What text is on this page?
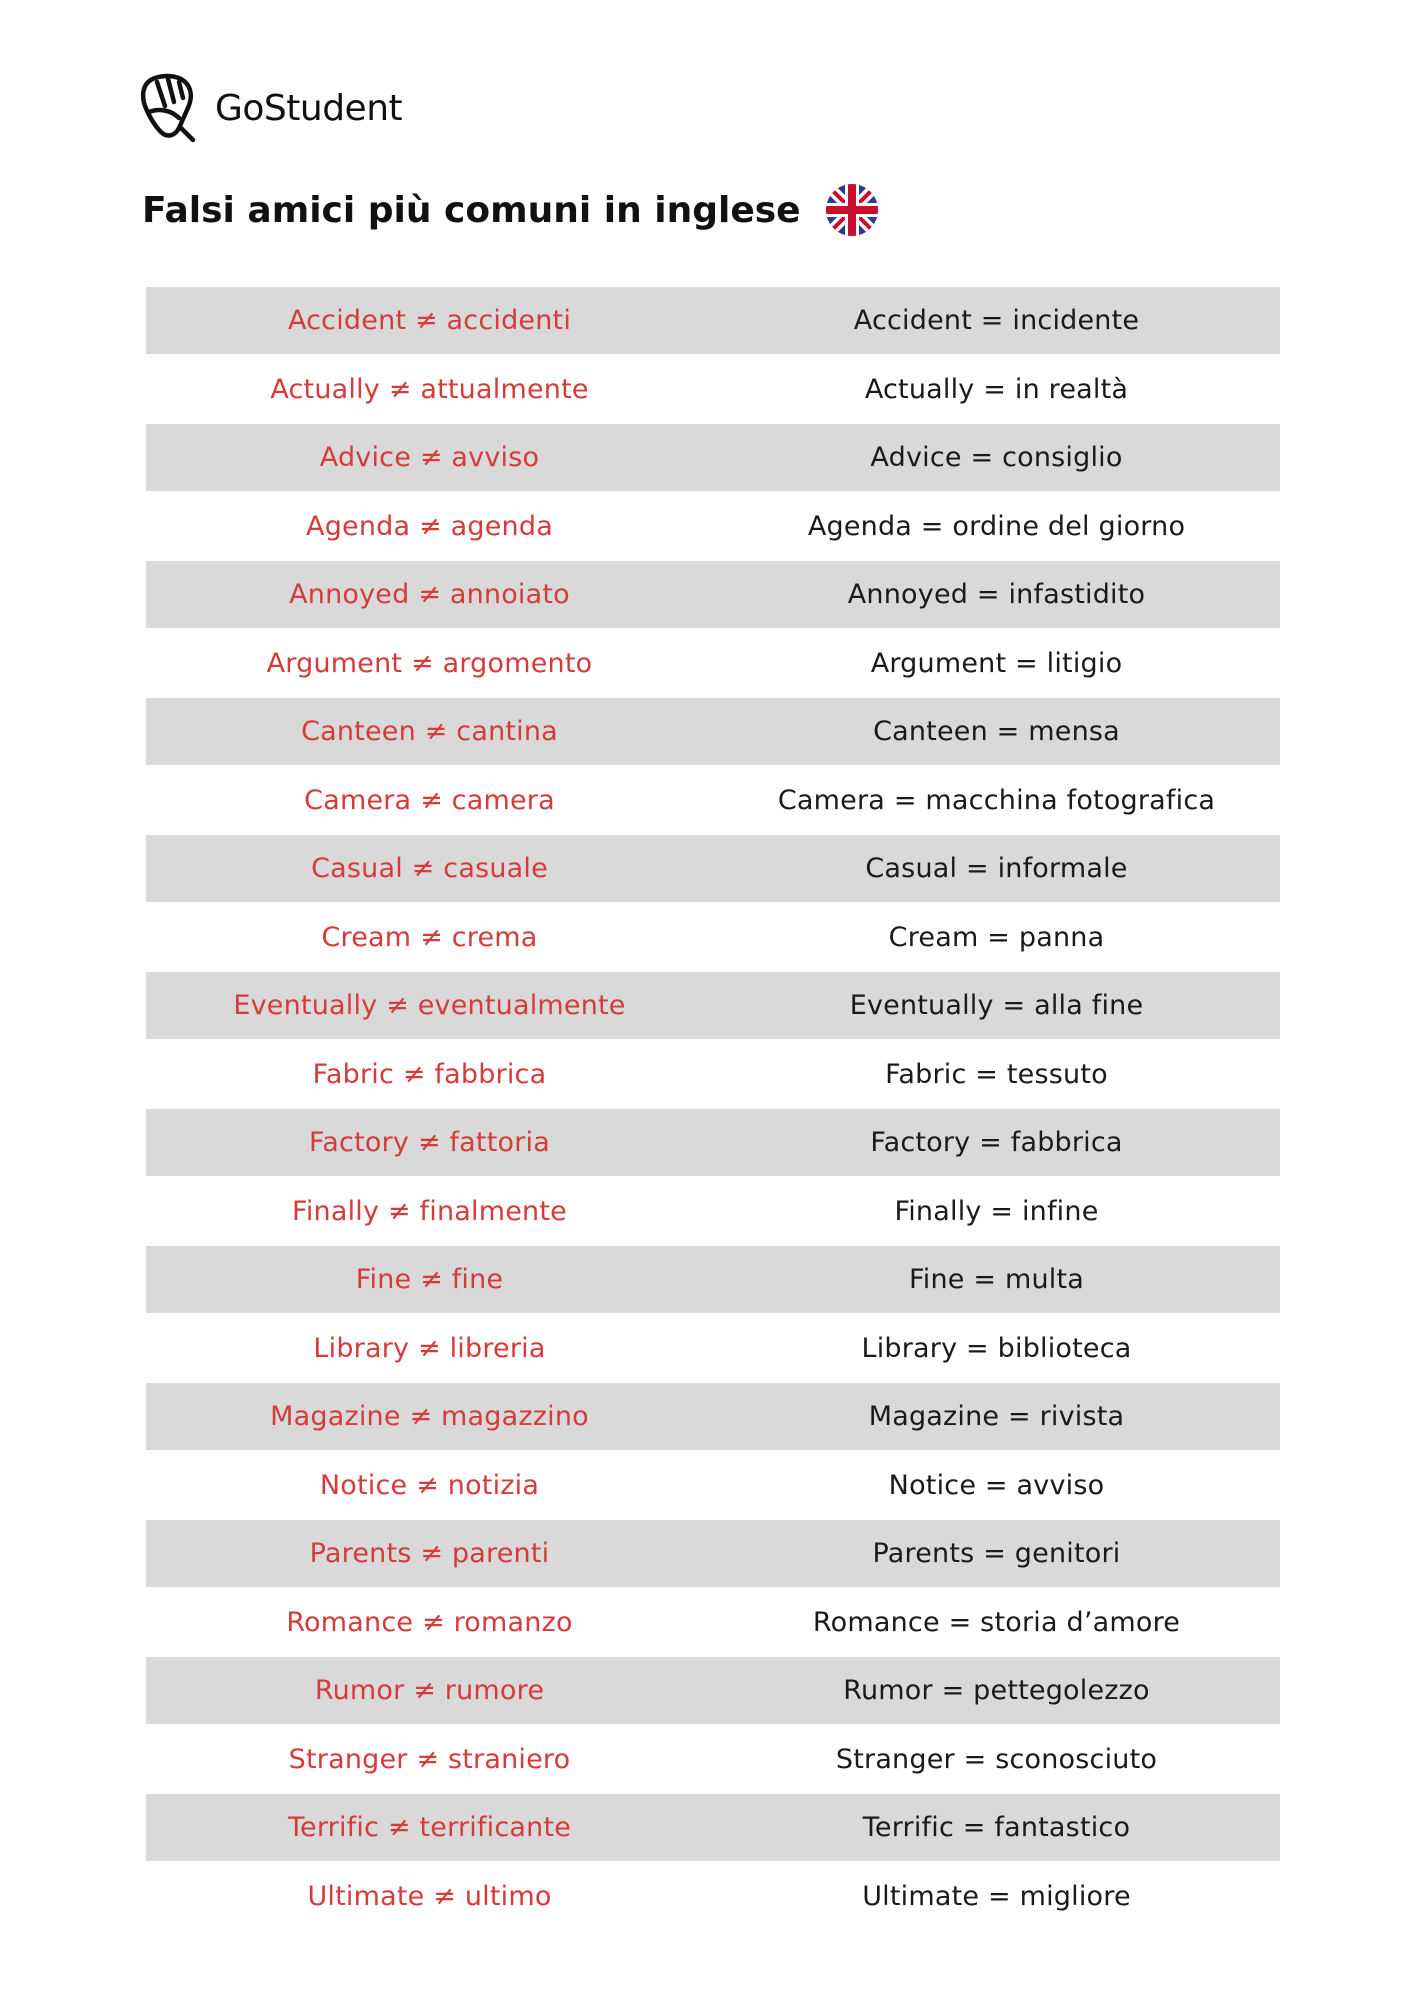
GoStudent
Falsi amici più comuni in inglese
Accident ≠ accidenti	Accident = incidente
Actually ≠ attualmente	Actually = in realtà
Advice ≠ avviso	Advice = consiglio
Agenda ≠ agenda	Agenda = ordine del giorno
Annoyed ≠ annoiato	Annoyed = infastidito
Argument ≠ argomento	Argument = litigio
Canteen ≠ cantina	Canteen = mensa
Camera ≠ camera	Camera = macchina fotografica
Casual ≠ casuale	Casual = informale
Cream ≠ crema	Cream = panna
Eventually ≠ eventualmente	Eventually = alla fine
Fabric ≠ fabbrica	Fabric = tessuto
Factory ≠ fattoria	Factory = fabbrica
Finally ≠ finalmente	Finally = infine
Fine ≠ fine	Fine = multa
Library ≠ libreria	Library = biblioteca
Magazine ≠ magazzino	Magazine = rivista
Notice ≠ notizia	Notice = avviso
Parents ≠ parenti	Parents = genitori
Romance ≠ romanzo	Romance = storia d’amore
Rumor ≠ rumore	Rumor = pettegolezzo
Stranger ≠ straniero	Stranger = sconosciuto
Terrific ≠ terrificante	Terrific = fantastico
Ultimate ≠ ultimo	Ultimate = migliore
